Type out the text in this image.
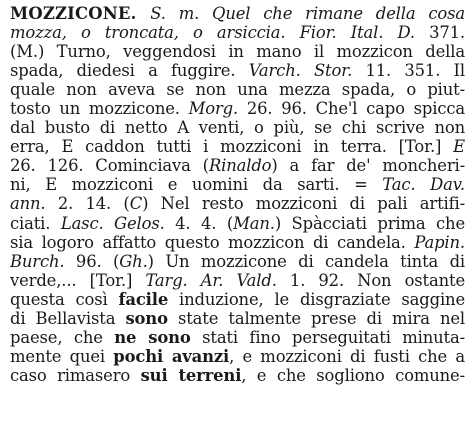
MOZZICONE. S. m. Quel che rimane della cosa
mozza, o troncata, o arsiccia. Fior. Ital. D. 371.
(M.) Turno, veggendosi in mano il mozzicon della
spada, diedesi a fuggire. Varch. Stor. 11. 351. Il
quale non aveva se non una mezza spada, o piut-
tosto un mozzicone. Morg. 26. 96. Che'l capo spicca
dal busto di netto A venti, o più, se chi scrive non
erra, E caddon tutti i mozziconi in terra. [Tor.] E
26. 126. Cominciava (Rinaldo) a far de' moncheri-
ni, E mozziconi e uomini da sarti. = Tac. Dav.
ann. 2. 14. (C) Nel resto mozziconi di pali artifi-
ciati. Lasc. Gelos. 4. 4. (Man.) Spàcciati prima che
sia logoro affatto questo mozzicon di candela. Papin.
Burch. 96. (Gh.) Un mozzicone di candela tinta di
verde,... [Tor.] Targ. Ar. Vald. 1. 92. Non ostante
questa così facile induzione, le disgraziate saggine
di Bellavista sono state talmente prese di mira nel
paese, che ne sono stati fino perseguitati minuta-
mente quei pochi avanzi, e mozziconi di fusti che a
caso rimasero sui terreni, e che sogliono comune-
